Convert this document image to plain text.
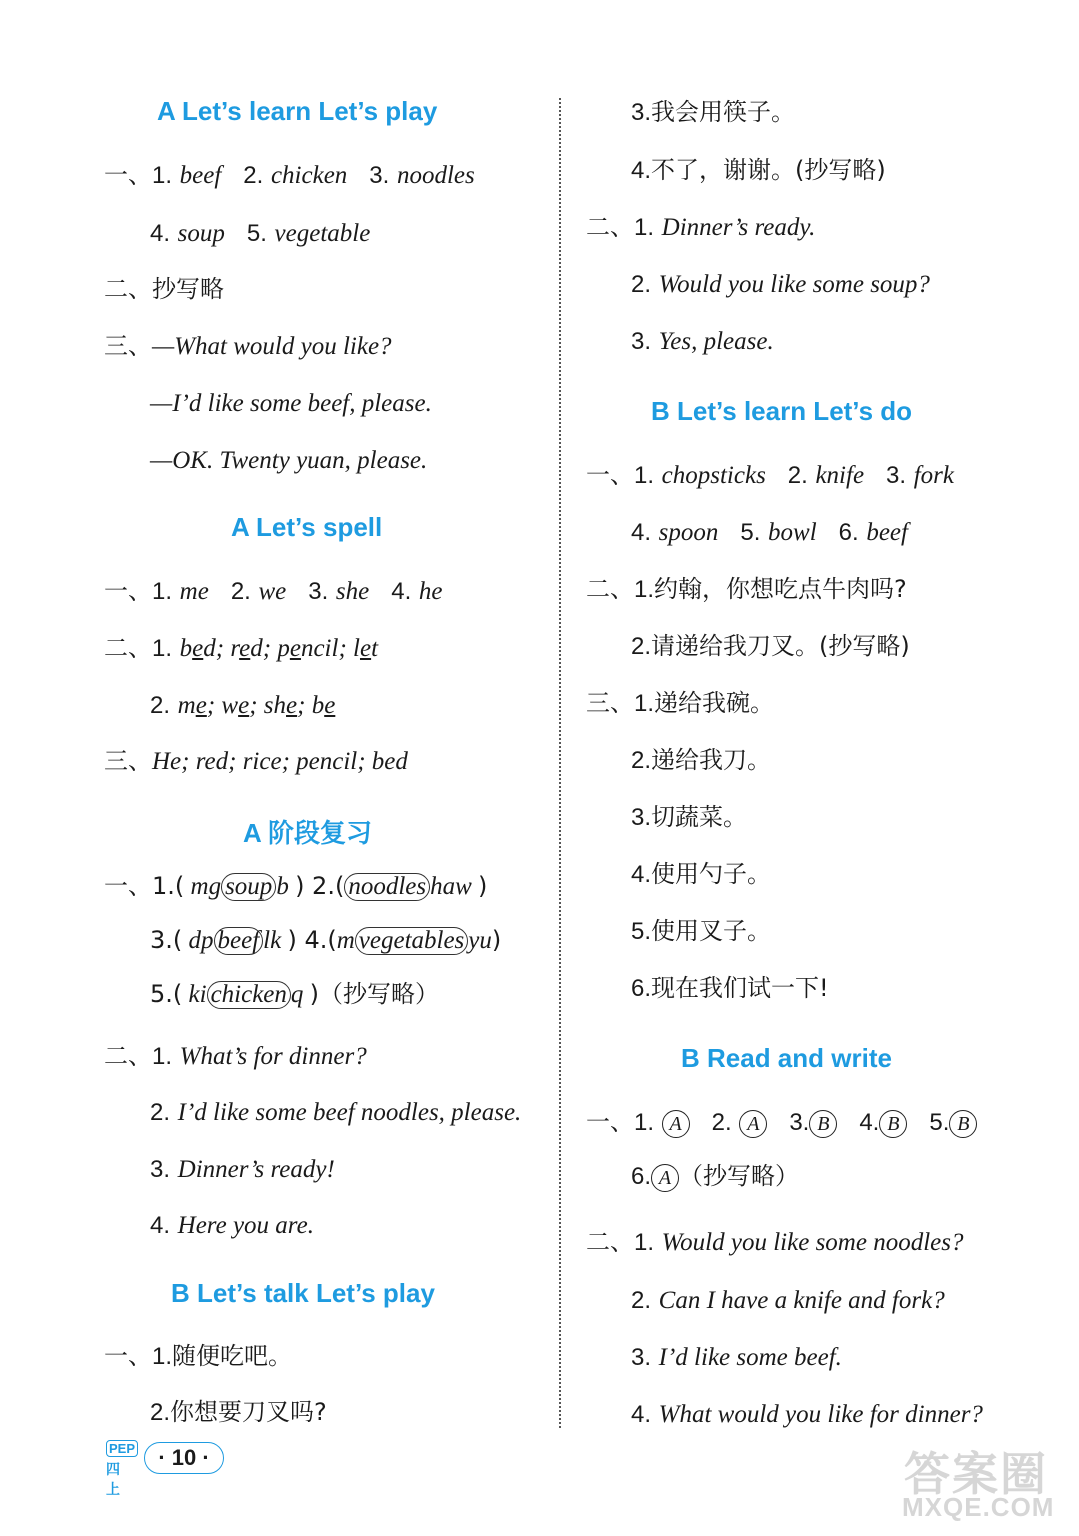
A Let’s learn Let’s play
一、1. beef 2. chicken 3. noodles
4. soup 5. vegetable
二、抄写略
三、—What would you like?
—I’d like some beef, please.
—OK. Twenty yuan, please.
A Let’s spell
一、1. me 2. we 3. she 4. he
二、1. bed; red; pencil; let
2. me; we; she; be
三、He; red; rice; pencil; bed
A 阶段复习
一、1.( mg soup b ) 2.( noodles haw )
3.( dp beef lk ) 4.(m vegetables yu)
5.( ki chicken q )（抄写略）
二、1. What’s for dinner?
2. I’d like some beef noodles, please.
3. Dinner’s ready!
4. Here you are.
B Let’s talk Let’s play
一、1.随便吃吧。
2.你想要刀叉吗?
3.我会用筷子。
4.不了，谢谢。(抄写略)
二、1. Dinner’s ready.
2. Would you like some soup?
3. Yes, please.
B Let’s learn Let’s do
一、1. chopsticks 2. knife 3. fork
4. spoon 5. bowl 6. beef
二、1.约翰，你想吃点牛肉吗?
2.请递给我刀叉。(抄写略)
三、1.递给我碗。
2.递给我刀。
3.切蔬菜。
4.使用勺子。
5.使用叉子。
6.现在我们试一下!
B Read and write
一、1. A 2. A 3. B 4. B 5. B
6. A （抄写略）
二、1. Would you like some noodles?
2. Can I have a knife and fork?
3. I’d like some beef.
4. What would you like for dinner?
PEP
四上
· 10 ·	答案圈
MXQE.COM
